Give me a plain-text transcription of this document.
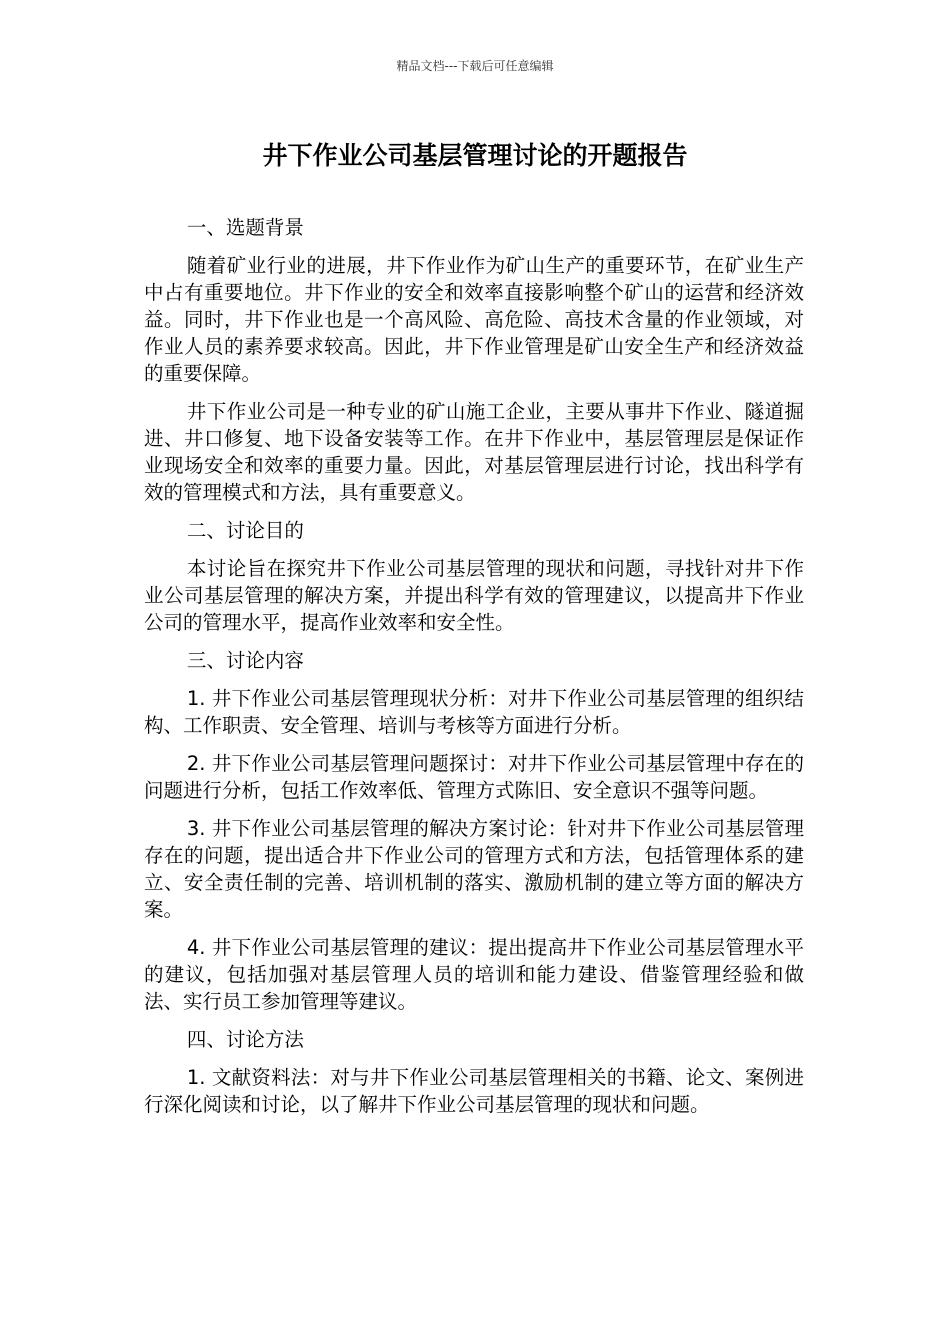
精品文档---下载后可任意编辑
井下作业公司基层管理讨论的开题报告

一、选题背景

随着矿业行业的进展，井下作业作为矿山生产的重要环节，在矿业生产中占有重要地位。井下作业的安全和效率直接影响整个矿山的运营和经济效益。同时，井下作业也是一个高风险、高危险、高技术含量的作业领域，对作业人员的素养要求较高。因此，井下作业管理是矿山安全生产和经济效益的重要保障。

井下作业公司是一种专业的矿山施工企业，主要从事井下作业、隧道掘进、井口修复、地下设备安装等工作。在井下作业中，基层管理层是保证作业现场安全和效率的重要力量。因此，对基层管理层进行讨论，找出科学有效的管理模式和方法，具有重要意义。

二、讨论目的

本讨论旨在探究井下作业公司基层管理的现状和问题，寻找针对井下作业公司基层管理的解决方案，并提出科学有效的管理建议，以提高井下作业公司的管理水平，提高作业效率和安全性。

三、讨论内容

1. 井下作业公司基层管理现状分析：对井下作业公司基层管理的组织结构、工作职责、安全管理、培训与考核等方面进行分析。

2. 井下作业公司基层管理问题探讨：对井下作业公司基层管理中存在的问题进行分析，包括工作效率低、管理方式陈旧、安全意识不强等问题。

3. 井下作业公司基层管理的解决方案讨论：针对井下作业公司基层管理存在的问题，提出适合井下作业公司的管理方式和方法，包括管理体系的建立、安全责任制的完善、培训机制的落实、激励机制的建立等方面的解决方案。

4. 井下作业公司基层管理的建议：提出提高井下作业公司基层管理水平的建议，包括加强对基层管理人员的培训和能力建设、借鉴管理经验和做法、实行员工参加管理等建议。

四、讨论方法

1. 文献资料法：对与井下作业公司基层管理相关的书籍、论文、案例进行深化阅读和讨论，以了解井下作业公司基层管理的现状和问题。
